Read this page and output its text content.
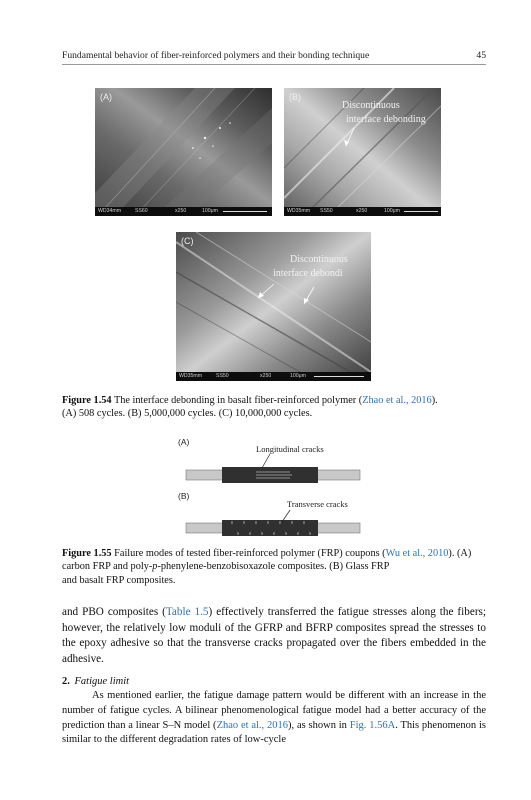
Fundamental behavior of fiber-reinforced polymers and their bonding technique	45
(A)
WD34mm	SS60	x250	100μm
(B)
Discontinuous
interface debonding
WD35mm SS50	x250	100μm
(C)
Discontinuous
interface debondi
WD35mm	SS50	x250	100μm
Figure 1.54 The interface debonding in basalt fiber-reinforced polymer (Zhao et al., 2016).
(A) 508 cycles. (B) 5,000,000 cycles. (C) 10,000,000 cycles.
(A)
Longitudinal cracks
(B)
Transverse cracks
Figure 1.55 Failure modes of tested fiber-reinforced polymer (FRP) coupons (Wu et al., 2010). (A) carbon FRP and poly-p-phenylene-benzobisoxazole composites. (B) Glass FRP
and basalt FRP composites.
and PBO composites (Table 1.5) effectively transferred the fatigue stresses along the fibers; however, the relatively low moduli of the GFRP and BFRP composites spread the stresses to the epoxy adhesive so that the transverse cracks propagated over the fibers embedded in the adhesive.
2. Fatigue limit
As mentioned earlier, the fatigue damage pattern would be different with an increase in the number of fatigue cycles. A bilinear phenomenological fatigue model had a better accuracy of the prediction than a linear S–N model (Zhao et al., 2016), as shown in Fig. 1.56A. This phenomenon is similar to the different degradation rates of low-cycle
